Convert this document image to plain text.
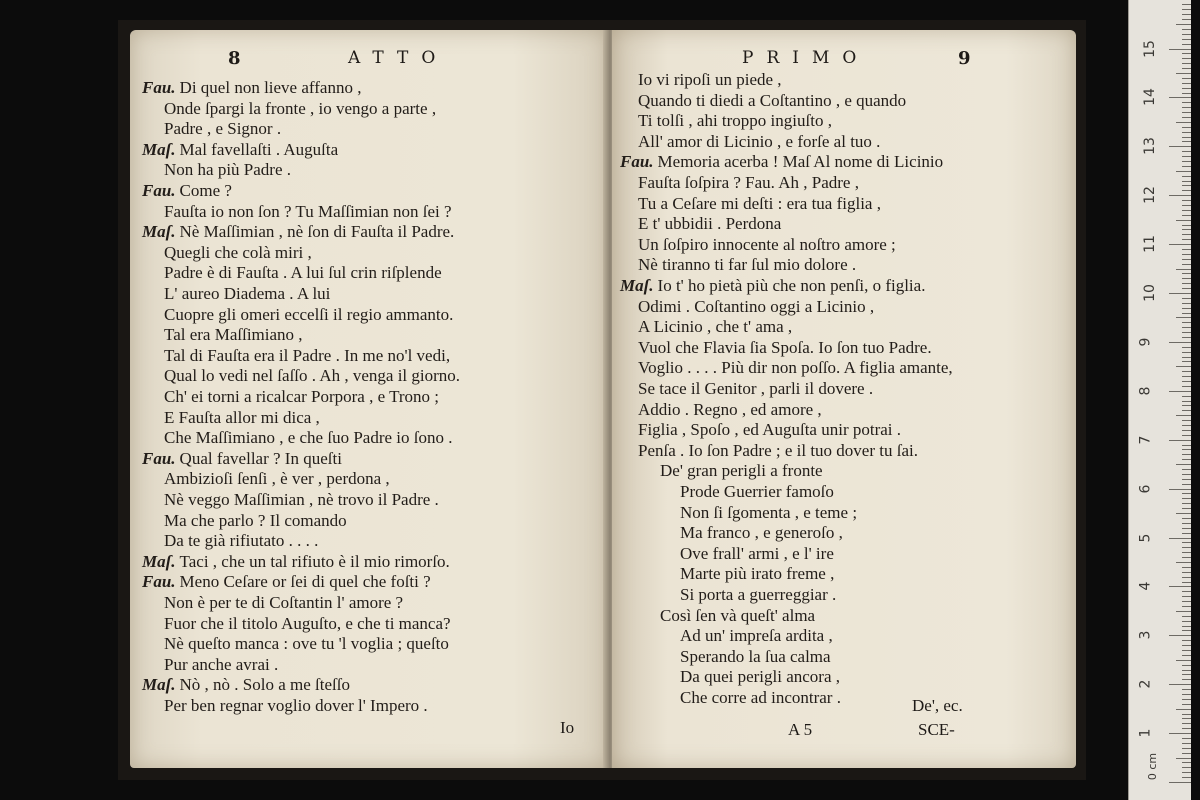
8	ATTO
Fau. Di quel non lieve affanno ,
Onde ſpargi la fronte , io vengo a parte ,
Padre , e Signor .
Maſ. Mal favellaſti . Auguſta
Non ha più Padre .
Fau. Come ?
Fauſta io non ſon ? Tu Maſſimian non ſei ?
Maſ. Nè Maſſimian , nè ſon di Fauſta il Padre.
Quegli che colà miri ,
Padre è di Fauſta . A lui ſul crin riſplende
L' aureo Diadema . A lui
Cuopre gli omeri eccelſi il regio ammanto.
Tal era Maſſimiano ,
Tal di Fauſta era il Padre . In me no'l vedi,
Qual lo vedi nel ſaſſo . Ah , venga il giorno.
Ch' ei torni a ricalcar Porpora , e Trono ;
E Fauſta allor mi dica ,
Che Maſſimiano , e che ſuo Padre io ſono .
Fau. Qual favellar ? In queſti
Ambizioſi ſenſi , è ver , perdona ,
Nè veggo Maſſimian , nè trovo il Padre .
Ma che parlo ? Il comando
Da te già rifiutato . . . .
Maſ. Taci , che un tal rifiuto è il mio rimorſo.
Fau. Meno Ceſare or ſei di quel che foſti ?
Non è per te di Coſtantin l' amore ?
Fuor che il titolo Auguſto, e che ti manca?
Nè queſto manca : ove tu 'l voglia ; queſto
Pur anche avrai .
Maſ. Nò , nò . Solo a me ſteſſo
Per ben regnar voglio dover l' Impero .
Io
PRIMO	9
Io vi ripoſi un piede ,
Quando ti diedi a Coſtantino , e quando
Ti tolſi , ahi troppo ingiuſto ,
All' amor di Licinio , e forſe al tuo .
Fau. Memoria acerba ! Maſ Al nome di Licinio
Fauſta ſoſpira ? Fau. Ah , Padre ,
Tu a Ceſare mi deſti : era tua figlia ,
E t' ubbidii . Perdona
Un ſoſpiro innocente al noſtro amore ;
Nè tiranno ti far ſul mio dolore .
Maſ. Io t' ho pietà più che non penſi, o figlia.
Odimi . Coſtantino oggi a Licinio ,
A Licinio , che t' ama ,
Vuol che Flavia ſia Spoſa. Io ſon tuo Padre.
Voglio . . . . Più dir non poſſo. A figlia amante,
Se tace il Genitor , parli il dovere .
Addio . Regno , ed amore ,
Figlia , Spoſo , ed Auguſta unir potrai .
Penſa . Io ſon Padre ; e il tuo dover tu ſai.
De' gran perigli a fronte
Prode Guerrier famoſo
Non ſi ſgomenta , e teme ;
Ma franco , e generoſo ,
Ove frall' armi , e l' ire
Marte più irato freme ,
Si porta a guerreggiar .
Così ſen và queſt' alma
Ad un' impreſa ardita ,
Sperando la ſua calma
Da quei perigli ancora ,
Che corre ad incontrar .	De', ec.
A 5	SCE-
0 cm
15
14
13
12
11
10
9
8
7
6
5
4
3
2
1
